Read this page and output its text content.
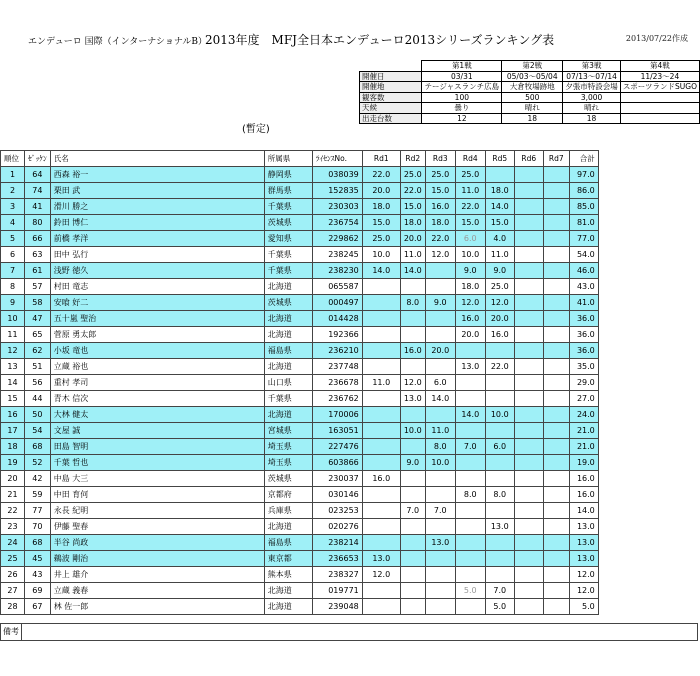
エンデューロ 国際（インターナショナルB）
2013年度　MFJ全日本エンデューロ2013シリーズランキング表	2013/07/22作成
(暫定)
	第1戦	第2戦	第3戦	第4戦
開催日	03/31	05/03～05/04	07/13～07/14	11/23～24
開催地	テージャスランチ広島	大倉牧場跡地	夕張市特設会場	スポーツランドSUGO
観客数	100	500	3,000	
天候	曇り	晴れ	晴れ	
出走台数	12	18	18	
順位	ｾﾞｯｹﾝ	氏名	所属県	ﾗｲｾﾝｽNo.	Rd1	Rd2	Rd3	Rd4	Rd5	Rd6	Rd7	合計
1	64	西森 裕一	静岡県	038039	22.0	25.0	25.0	25.0				97.0
2	74	栗田 武	群馬県	152835	20.0	22.0	15.0	11.0	18.0			86.0
3	41	滑川 勝之	千葉県	230303	18.0	15.0	16.0	22.0	14.0			85.0
4	80	鈴田 博仁	茨城県	236754	15.0	18.0	18.0	15.0	15.0			81.0
5	66	前橋 孝洋	愛知県	229862	25.0	20.0	22.0	6.0	4.0			77.0
6	63	田中 弘行	千葉県	238245	10.0	11.0	12.0	10.0	11.0			54.0
7	61	浅野 徳久	千葉県	238230	14.0	14.0		9.0	9.0			46.0
8	57	村田 竜志	北海道	065587				18.0	25.0			43.0
9	58	安喰 好二	茨城県	000497		8.0	9.0	12.0	12.0			41.0
10	47	五十嵐 聖治	北海道	014428				16.0	20.0			36.0
11	65	菅原 勇太郎	北海道	192366				20.0	16.0			36.0
12	62	小坂 竜也	福島県	236210		16.0	20.0					36.0
13	51	立蔵 裕也	北海道	237748				13.0	22.0			35.0
14	56	重村 孝司	山口県	236678	11.0	12.0	6.0					29.0
15	44	青木 信次	千葉県	236762		13.0	14.0					27.0
16	50	大林 健太	北海道	170006				14.0	10.0			24.0
17	54	文屋 誠	宮城県	163051		10.0	11.0					21.0
18	68	田島 智明	埼玉県	227476			8.0	7.0	6.0			21.0
19	52	千葉 哲也	埼玉県	603866		9.0	10.0					19.0
20	42	中島 大三	茨城県	230037	16.0							16.0
21	59	中田 育何	京都府	030146				8.0	8.0			16.0
22	77	永長 紀明	兵庫県	023253		7.0	7.0					14.0
23	70	伊藤 聖春	北海道	020276					13.0			13.0
24	68	半谷 尚政	福島県	238214			13.0					13.0
25	45	鵜波 剛治	東京都	236653	13.0							13.0
26	43	井上 雄介	熊本県	238327	12.0							12.0
27	69	立蔵 義春	北海道	019771				5.0	7.0			12.0
28	67	林 佐一郎	北海道	239048					5.0			5.0
備考
